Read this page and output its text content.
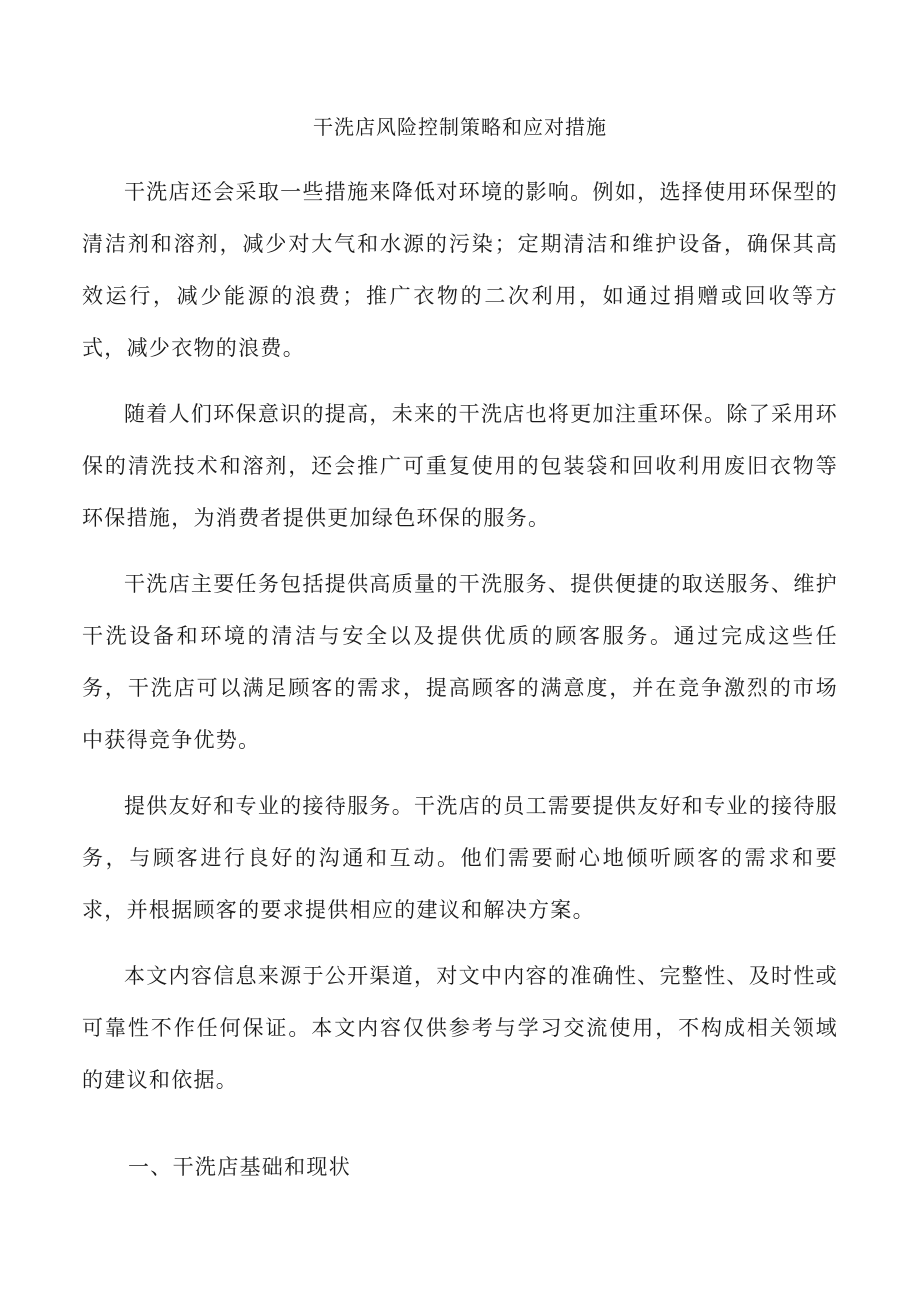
干洗店风险控制策略和应对措施

干洗店还会采取一些措施来降低对环境的影响。例如，选择使用环保型的清洁剂和溶剂，减少对大气和水源的污染；定期清洁和维护设备，确保其高效运行，减少能源的浪费；推广衣物的二次利用，如通过捐赠或回收等方式，减少衣物的浪费。

随着人们环保意识的提高，未来的干洗店也将更加注重环保。除了采用环保的清洗技术和溶剂，还会推广可重复使用的包装袋和回收利用废旧衣物等环保措施，为消费者提供更加绿色环保的服务。

干洗店主要任务包括提供高质量的干洗服务、提供便捷的取送服务、维护干洗设备和环境的清洁与安全以及提供优质的顾客服务。通过完成这些任务，干洗店可以满足顾客的需求，提高顾客的满意度，并在竞争激烈的市场中获得竞争优势。

提供友好和专业的接待服务。干洗店的员工需要提供友好和专业的接待服务，与顾客进行良好的沟通和互动。他们需要耐心地倾听顾客的需求和要求，并根据顾客的要求提供相应的建议和解决方案。

本文内容信息来源于公开渠道，对文中内容的准确性、完整性、及时性或可靠性不作任何保证。本文内容仅供参考与学习交流使用，不构成相关领域的建议和依据。

一、干洗店基础和现状
